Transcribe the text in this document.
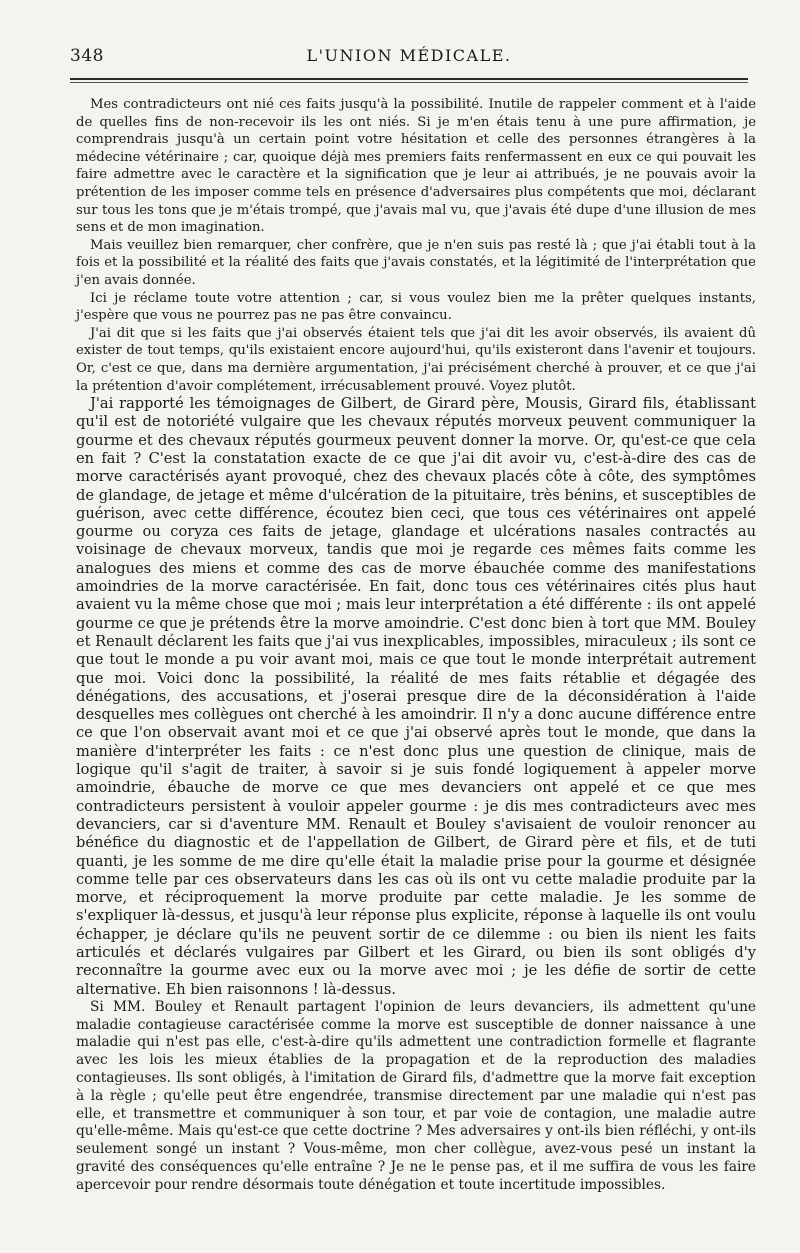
348	L'UNION MÉDICALE.

Mes contradicteurs ont nié ces faits jusqu'à la possibilité. Inutile de rappeler comment et à l'aide de quelles fins de non-recevoir ils les ont niés. Si je m'en étais tenu à une pure affirmation, je comprendrais jusqu'à un certain point votre hésitation et celle des personnes étrangères à la médecine vétérinaire ; car, quoique déjà mes premiers faits renfermassent en eux ce qui pouvait les faire admettre avec le caractère et la signification que je leur ai attribués, je ne pouvais avoir la prétention de les imposer comme tels en présence d'adversaires plus compétents que moi, déclarant sur tous les tons que je m'étais trompé, que j'avais mal vu, que j'avais été dupe d'une illusion de mes sens et de mon imagination.

Mais veuillez bien remarquer, cher confrère, que je n'en suis pas resté là ; que j'ai établi tout à la fois et la possibilité et la réalité des faits que j'avais constatés, et la légitimité de l'interprétation que j'en avais donnée.

Ici je réclame toute votre attention ; car, si vous voulez bien me la prêter quelques instants, j'espère que vous ne pourrez pas ne pas être convaincu.

J'ai dit que si les faits que j'ai observés étaient tels que j'ai dit les avoir observés, ils avaient dû exister de tout temps, qu'ils existaient encore aujourd'hui, qu'ils existeront dans l'avenir et toujours. Or, c'est ce que, dans ma dernière argumentation, j'ai précisément cherché à prouver, et ce que j'ai la prétention d'avoir complétement, irrécusablement prouvé. Voyez plutôt.

J'ai rapporté les témoignages de Gilbert, de Girard père, Mousis, Girard fils, établissant qu'il est de notoriété vulgaire que les chevaux réputés morveux peuvent communiquer la gourme et des chevaux réputés gourmeux peuvent donner la morve. Or, qu'est-ce que cela en fait ? C'est la constatation exacte de ce que j'ai dit avoir vu, c'est-à-dire des cas de morve caractérisés ayant provoqué, chez des chevaux placés côte à côte, des symptômes de glandage, de jetage et même d'ulcération de la pituitaire, très bénins, et susceptibles de guérison, avec cette différence, écoutez bien ceci, que tous ces vétérinaires ont appelé gourme ou coryza ces faits de jetage, glandage et ulcérations nasales contractés au voisinage de chevaux morveux, tandis que moi je regarde ces mêmes faits comme les analogues des miens et comme des cas de morve ébauchée comme des manifestations amoindries de la morve caractérisée. En fait, donc tous ces vétérinaires cités plus haut avaient vu la même chose que moi ; mais leur interprétation a été différente : ils ont appelé gourme ce que je prétends être la morve amoindrie. C'est donc bien à tort que MM. Bouley et Renault déclarent les faits que j'ai vus inexplicables, impossibles, miraculeux ; ils sont ce que tout le monde a pu voir avant moi, mais ce que tout le monde interprétait autrement que moi. Voici donc la possibilité, la réalité de mes faits rétablie et dégagée des dénégations, des accusations, et j'oserai presque dire de la déconsidération à l'aide desquelles mes collègues ont cherché à les amoindrir. Il n'y a donc aucune différence entre ce que l'on observait avant moi et ce que j'ai observé après tout le monde, que dans la manière d'interpréter les faits : ce n'est donc plus une question de clinique, mais de logique qu'il s'agit de traiter, à savoir si je suis fondé logiquement à appeler morve amoindrie, ébauche de morve ce que mes devanciers ont appelé et ce que mes contradicteurs persistent à vouloir appeler gourme : je dis mes contradicteurs avec mes devanciers, car si d'aventure MM. Renault et Bouley s'avisaient de vouloir renoncer au bénéfice du diagnostic et de l'appellation de Gilbert, de Girard père et fils, et de tuti quanti, je les somme de me dire qu'elle était la maladie prise pour la gourme et désignée comme telle par ces observateurs dans les cas où ils ont vu cette maladie produite par la morve, et réciproquement la morve produite par cette maladie. Je les somme de s'expliquer là-dessus, et jusqu'à leur réponse plus explicite, réponse à laquelle ils ont voulu échapper, je déclare qu'ils ne peuvent sortir de ce dilemme : ou bien ils nient les faits articulés et déclarés vulgaires par Gilbert et les Girard, ou bien ils sont obligés d'y reconnaître la gourme avec eux ou la morve avec moi ; je les défie de sortir de cette alternative. Eh bien raisonnons ! là-dessus.

Si MM. Bouley et Renault partagent l'opinion de leurs devanciers, ils admettent qu'une maladie contagieuse caractérisée comme la morve est susceptible de donner naissance à une maladie qui n'est pas elle, c'est-à-dire qu'ils admettent une contradiction formelle et flagrante avec les lois les mieux établies de la propagation et de la reproduction des maladies contagieuses. Ils sont obligés, à l'imitation de Girard fils, d'admettre que la morve fait exception à la règle ; qu'elle peut être engendrée, transmise directement par une maladie qui n'est pas elle, et transmettre et communiquer à son tour, et par voie de contagion, une maladie autre qu'elle-même. Mais qu'est-ce que cette doctrine ? Mes adversaires y ont-ils bien réfléchi, y ont-ils seulement songé un instant ? Vous-même, mon cher collègue, avez-vous pesé un instant la gravité des conséquences qu'elle entraîne ? Je ne le pense pas, et il me suffira de vous les faire apercevoir pour rendre désormais toute dénégation et toute incertitude impossibles.
